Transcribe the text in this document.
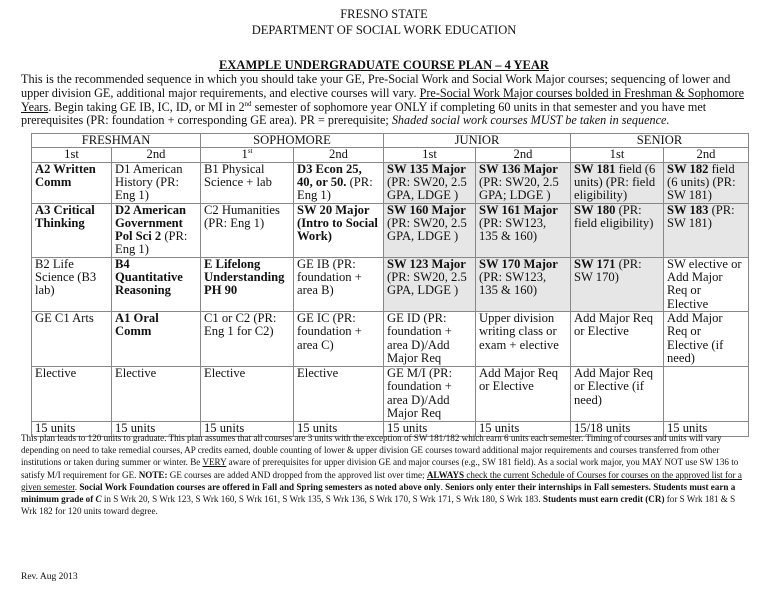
FRESNO STATE
DEPARTMENT OF SOCIAL WORK EDUCATION
EXAMPLE UNDERGRADUATE COURSE PLAN – 4 YEAR
This is the recommended sequence in which you should take your GE, Pre-Social Work and Social Work Major courses; sequencing of lower and upper division GE, additional major requirements, and elective courses will vary. Pre-Social Work Major courses bolded in Freshman & Sophomore Years. Begin taking GE IB, IC, ID, or MI in 2nd semester of sophomore year ONLY if completing 60 units in that semester and you have met prerequisites (PR: foundation + corresponding GE area). PR = prerequisite; Shaded social work courses MUST be taken in sequence.
FRESHMAN		SOPHOMORE		JUNIOR		SENIOR	
1st	2nd	1st	2nd	1st	2nd	1st	2nd
A2 Written Comm	D1 American History (PR: Eng 1)	B1 Physical Science + lab	D3 Econ 25, 40, or 50. (PR: Eng 1)	SW 135 Major (PR: SW20, 2.5 GPA, LDGE )	SW 136 Major (PR: SW20, 2.5 GPA; LDGE )	SW 181 field (6 units) (PR: field eligibility)	SW 182 field (6 units) (PR: SW 181)
A3 Critical Thinking	D2 American Government Pol Sci 2 (PR: Eng 1)	C2 Humanities (PR: Eng 1)	SW 20 Major (Intro to Social Work)	SW 160 Major (PR: SW20, 2.5 GPA, LDGE )	SW 161 Major (PR: SW123, 135 & 160)	SW 180 (PR: field eligibility)	SW 183 (PR: SW 181)
B2 Life Science (B3 lab)	B4 Quantitative Reasoning	E Lifelong Understanding PH 90	GE IB (PR: foundation + area B)	SW 123 Major (PR: SW20, 2.5 GPA, LDGE )	SW 170 Major (PR: SW123, 135 & 160)	SW 171 (PR: SW 170)	SW elective or Add Major Req or Elective
GE C1 Arts	A1 Oral Comm	C1 or C2 (PR: Eng 1 for C2)	GE IC (PR: foundation + area C)	GE ID (PR: foundation + area D)/Add Major Req	Upper division writing class or exam + elective	Add Major Req or Elective	Add Major Req or Elective (if need)
Elective	Elective	Elective	Elective	GE M/I (PR: foundation + area D)/Add Major Req	Add Major Req or Elective	Add Major Req or Elective (if need)	
15 units	15 units	15 units	15 units	15 units	15 units	15/18 units	15 units
This plan leads to 120 units to graduate. This plan assumes that all courses are 3 units with the exception of SW 181/182 which earn 6 units each semester. Timing of courses and units will vary depending on need to take remedial courses, AP credits earned, double counting of lower & upper division GE courses toward additional major requirements and courses transferred from other institutions or taken during summer or winter. Be VERY aware of prerequisites for upper division GE and major courses (e.g., SW 181 field). As a social work major, you MAY NOT use SW 136 to satisfy M/I requirement for GE. NOTE: GE courses are added AND dropped from the approved list over time; ALWAYS check the current Schedule of Courses for courses on the approved list for a given semester. Social Work Foundation courses are offered in Fall and Spring semesters as noted above only. Seniors only enter their internships in Fall semesters. Students must earn a minimum grade of C in S Wrk 20, S Wrk 123, S Wrk 160, S Wrk 161, S Wrk 135, S Wrk 136, S Wrk 170, S Wrk 171, S Wrk 180, S Wrk 183. Students must earn credit (CR) for S Wrk 181 & S Wrk 182 for 120 units toward degree.
Rev. Aug 2013
